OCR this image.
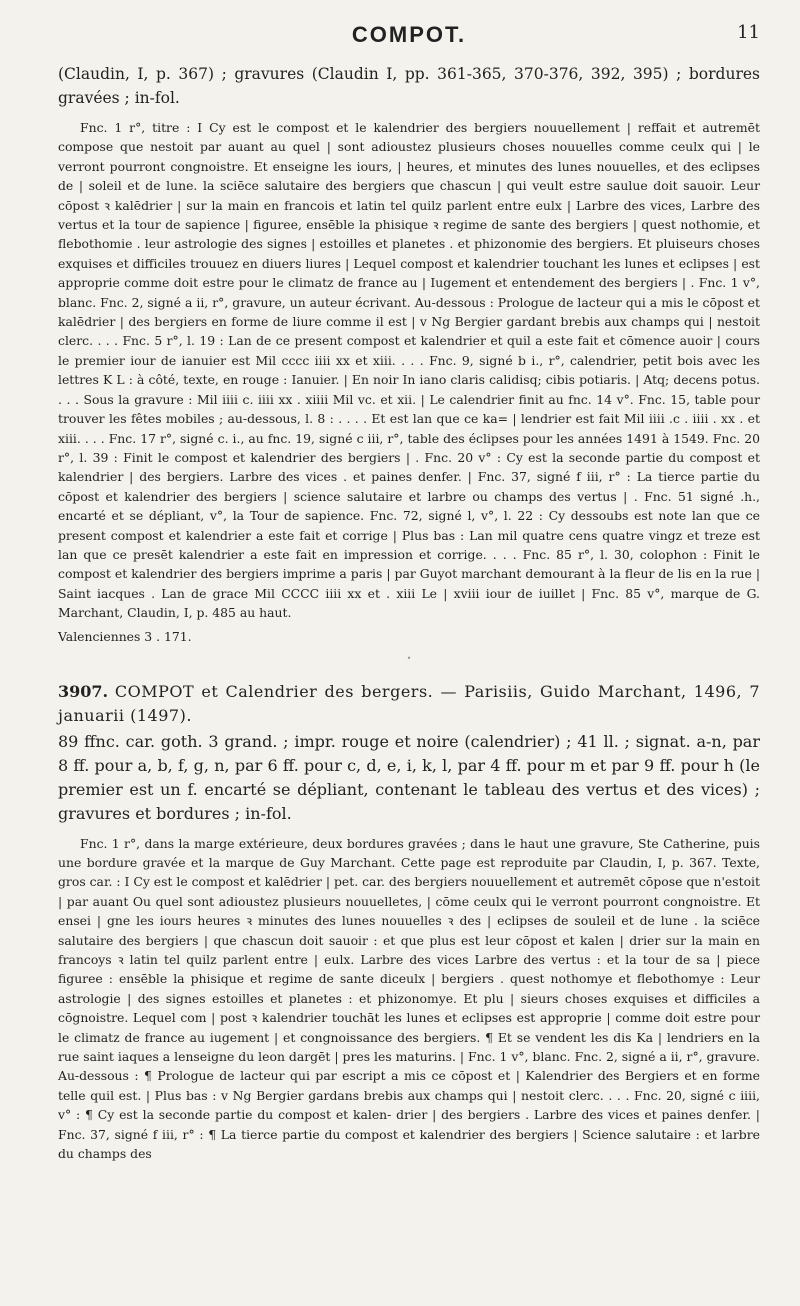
COMPOT.	11

(Claudin, I, p. 367) ; gravures (Claudin I, pp. 361-365, 370-376, 392, 395) ; bordures gravées ; in-fol.

Fnc. 1 r°, titre : I Cy est le compost et le kalendrier des bergiers nouuellement | reffait et autremēt compose que nestoit par auant au quel | sont adioustez plusieurs choses nouuelles comme ceulx qui | le verront pourront congnoistre. Et enseigne les iours, | heures, et minutes des lunes nouuelles, et des eclipses de | soleil et de lune. la sciēce salutaire des bergiers que chascun | qui veult estre saulue doit sauoir. Leur cōpost ꝛ kalēdrier | sur la main en francois et latin tel quilz parlent entre eulx | Larbre des vices, Larbre des vertus et la tour de sapience | figuree, ensēble la phisique ꝛ regime de sante des bergiers | quest nothomie, et flebothomie . leur astrologie des signes | estoilles et planetes . et phizonomie des bergiers. Et pluiseurs choses exquises et difficiles trouuez en diuers liures | Lequel compost et kalendrier touchant les lunes et eclipses | est approprie comme doit estre pour le climatz de france au | Iugement et entendement des bergiers | . Fnc. 1 v°, blanc. Fnc. 2, signé a ii, r°, gravure, un auteur écrivant. Au-dessous : Prologue de lacteur qui a mis le cōpost et kalēdrier | des bergiers en forme de liure comme il est | v Ng Bergier gardant brebis aux champs qui | nestoit clerc. . . . Fnc. 5 r°, l. 19 : Lan de ce present compost et kalendrier et quil a este fait et cōmence auoir | cours le premier iour de ianuier est Mil cccc iiii xx et xiii. . . . Fnc. 9, signé b i., r°, calendrier, petit bois avec les lettres K L : à côté, texte, en rouge : Ianuier. | En noir In iano claris calidisq; cibis potiaris. | Atq; decens potus. . . . Sous la gravure : Mil iiii c. iiii xx . xiiii Mil vc. et xii. | Le calendrier finit au fnc. 14 v°. Fnc. 15, table pour trouver les fêtes mobiles ; au-dessous, l. 8 : . . . . Et est lan que ce ka= | lendrier est fait Mil iiii .c . iiii . xx . et xiii. . . . Fnc. 17 r°, signé c. i., au fnc. 19, signé c iii, r°, table des éclipses pour les années 1491 à 1549. Fnc. 20 r°, l. 39 : Finit le compost et kalendrier des bergiers | . Fnc. 20 v° : Cy est la seconde partie du compost et kalendrier | des bergiers. Larbre des vices . et paines denfer. | Fnc. 37, signé f iii, r° : La tierce partie du cōpost et kalendrier des bergiers | science salutaire et larbre ou champs des vertus | . Fnc. 51 signé .h., encarté et se dépliant, v°, la Tour de sapience. Fnc. 72, signé l, v°, l. 22 : Cy dessoubs est note lan que ce present compost et kalendrier a este fait et corrige | Plus bas : Lan mil quatre cens quatre vingz et treze est lan que ce presēt kalendrier a este fait en impression et corrige. . . . Fnc. 85 r°, l. 30, colophon : Finit le compost et kalendrier des bergiers imprime a paris | par Guyot marchant demourant à la fleur de lis en la rue | Saint iacques . Lan de grace Mil CCCC iiii xx et . xiii Le | xviii iour de iuillet | Fnc. 85 v°, marque de G. Marchant, Claudin, I, p. 485 au haut.

Valenciennes 3 . 171.

•

3907. COMPOT et Calendrier des bergers. — Parisiis, Guido Marchant, 1496, 7 januarii (1497).

89 ffnc. car. goth. 3 grand. ; impr. rouge et noire (calendrier) ; 41 ll. ; signat. a-n, par 8 ff. pour a, b, f, g, n, par 6 ff. pour c, d, e, i, k, l, par 4 ff. pour m et par 9 ff. pour h (le premier est un f. encarté se dépliant, contenant le tableau des vertus et des vices) ; gravures et bordures ; in-fol.

Fnc. 1 r°, dans la marge extérieure, deux bordures gravées ; dans le haut une gravure, Ste Catherine, puis une bordure gravée et la marque de Guy Marchant. Cette page est reproduite par Claudin, I, p. 367. Texte, gros car. : I Cy est le compost et kalēdrier | pet. car. des bergiers nouuellement et autremēt cōpose que n'estoit | par auant Ou quel sont adioustez plusieurs nouuelletes, | cōme ceulx qui le verront pourront congnoistre. Et ensei | gne les iours heures ꝛ minutes des lunes nouuelles ꝛ des | eclipses de souleil et de lune . la sciēce salutaire des bergiers | que chascun doit sauoir : et que plus est leur cōpost et kalen | drier sur la main en francoys ꝛ latin tel quilz parlent entre | eulx. Larbre des vices Larbre des vertus : et la tour de sa | piece figuree : ensēble la phisique et regime de sante diceulx | bergiers . quest nothomye et flebothomye : Leur astrologie | des signes estoilles et planetes : et phizonomye. Et plu | sieurs choses exquises et difficiles a cōgnoistre. Lequel com | post ꝛ kalendrier touchāt les lunes et eclipses est approprie | comme doit estre pour le climatz de france au iugement | et congnoissance des bergiers. ¶ Et se vendent les dis Ka | lendriers en la rue saint iaques a lenseigne du leon dargēt | pres les maturins. | Fnc. 1 v°, blanc. Fnc. 2, signé a ii, r°, gravure. Au-dessous : ¶ Prologue de lacteur qui par escript a mis ce cōpost et | Kalendrier des Bergiers et en forme telle quil est. | Plus bas : v Ng Bergier gardans brebis aux champs qui | nestoit clerc. . . . Fnc. 20, signé c iiii, v° : ¶ Cy est la seconde partie du compost et kalen- drier | des bergiers . Larbre des vices et paines denfer. | Fnc. 37, signé f iii, r° : ¶ La tierce partie du compost et kalendrier des bergiers | Science salutaire : et larbre du champs des
